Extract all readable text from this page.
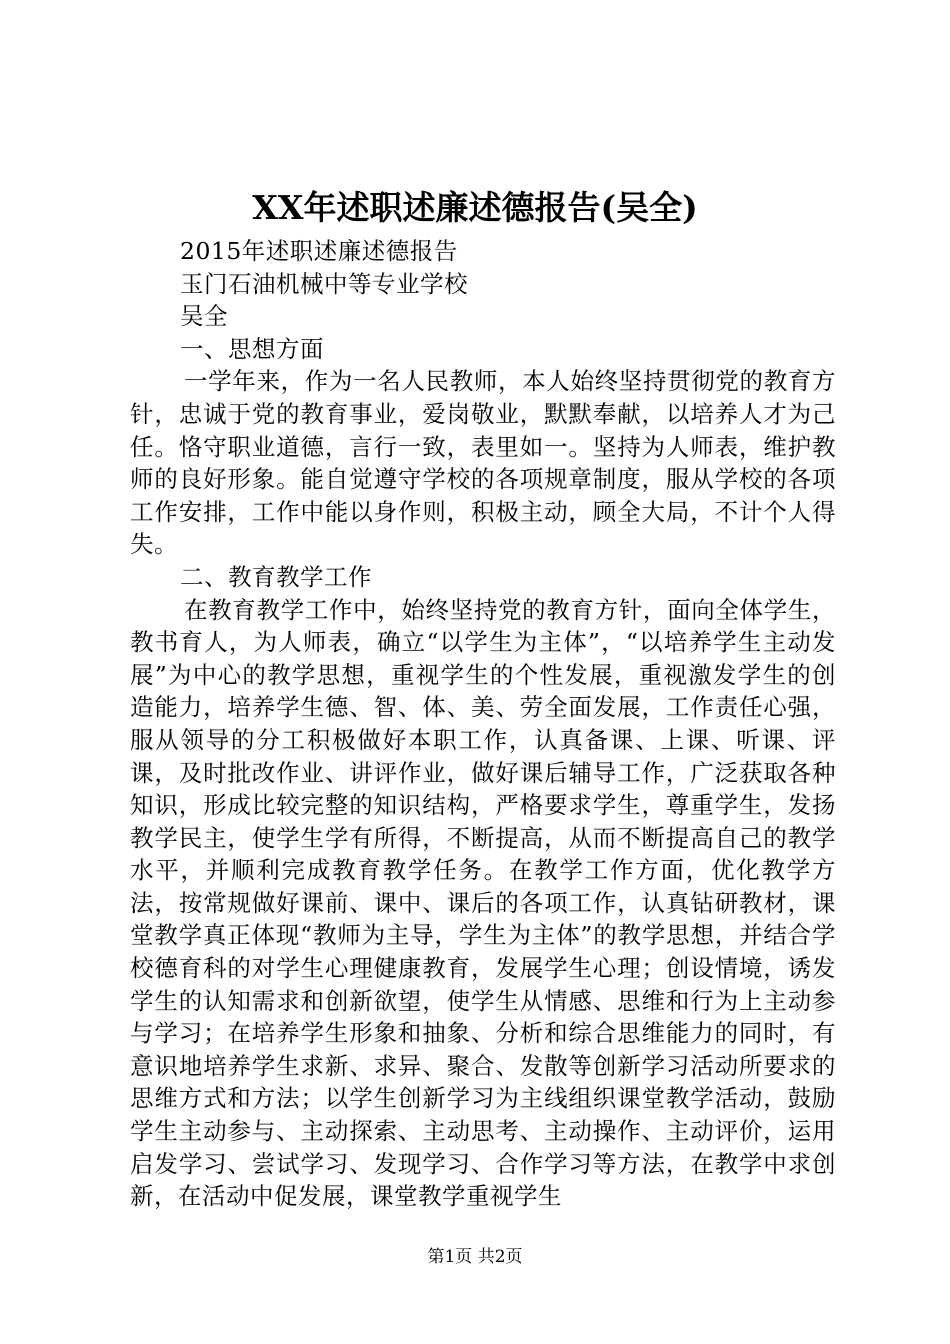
XX年述职述廉述德报告(吴全)
2015年述职述廉述德报告
玉门石油机械中等专业学校
吴全
一、思想方面

一学年来，作为一名人民教师，本人始终坚持贯彻党的教育方针，忠诚于党的教育事业，爱岗敬业，默默奉献，以培养人才为己任。恪守职业道德，言行一致，表里如一。坚持为人师表，维护教师的良好形象。能自觉遵守学校的各项规章制度，服从学校的各项工作安排，工作中能以身作则，积极主动，顾全大局，不计个人得失。

二、教育教学工作

在教育教学工作中，始终坚持党的教育方针，面向全体学生，教书育人，为人师表，确立“以学生为主体”，“以培养学生主动发展”为中心的教学思想，重视学生的个性发展，重视激发学生的创造能力，培养学生德、智、体、美、劳全面发展，工作责任心强，服从领导的分工积极做好本职工作，认真备课、上课、听课、评课，及时批改作业、讲评作业，做好课后辅导工作，广泛获取各种知识，形成比较完整的知识结构，严格要求学生，尊重学生，发扬教学民主，使学生学有所得，不断提高，从而不断提高自己的教学水平，并顺利完成教育教学任务。在教学工作方面，优化教学方法，按常规做好课前、课中、课后的各项工作，认真钻研教材，课堂教学真正体现“教师为主导，学生为主体”的教学思想，并结合学校德育科的对学生心理健康教育，发展学生心理；创设情境，诱发学生的认知需求和创新欲望，使学生从情感、思维和行为上主动参与学习；在培养学生形象和抽象、分析和综合思维能力的同时，有意识地培养学生求新、求异、聚合、发散等创新学习活动所要求的思维方式和方法；以学生创新学习为主线组织课堂教学活动，鼓励学生主动参与、主动探索、主动思考、主动操作、主动评价，运用启发学习、尝试学习、发现学习、合作学习等方法，在教学中求创新，在活动中促发展，课堂教学重视学生

第1页 共2页
